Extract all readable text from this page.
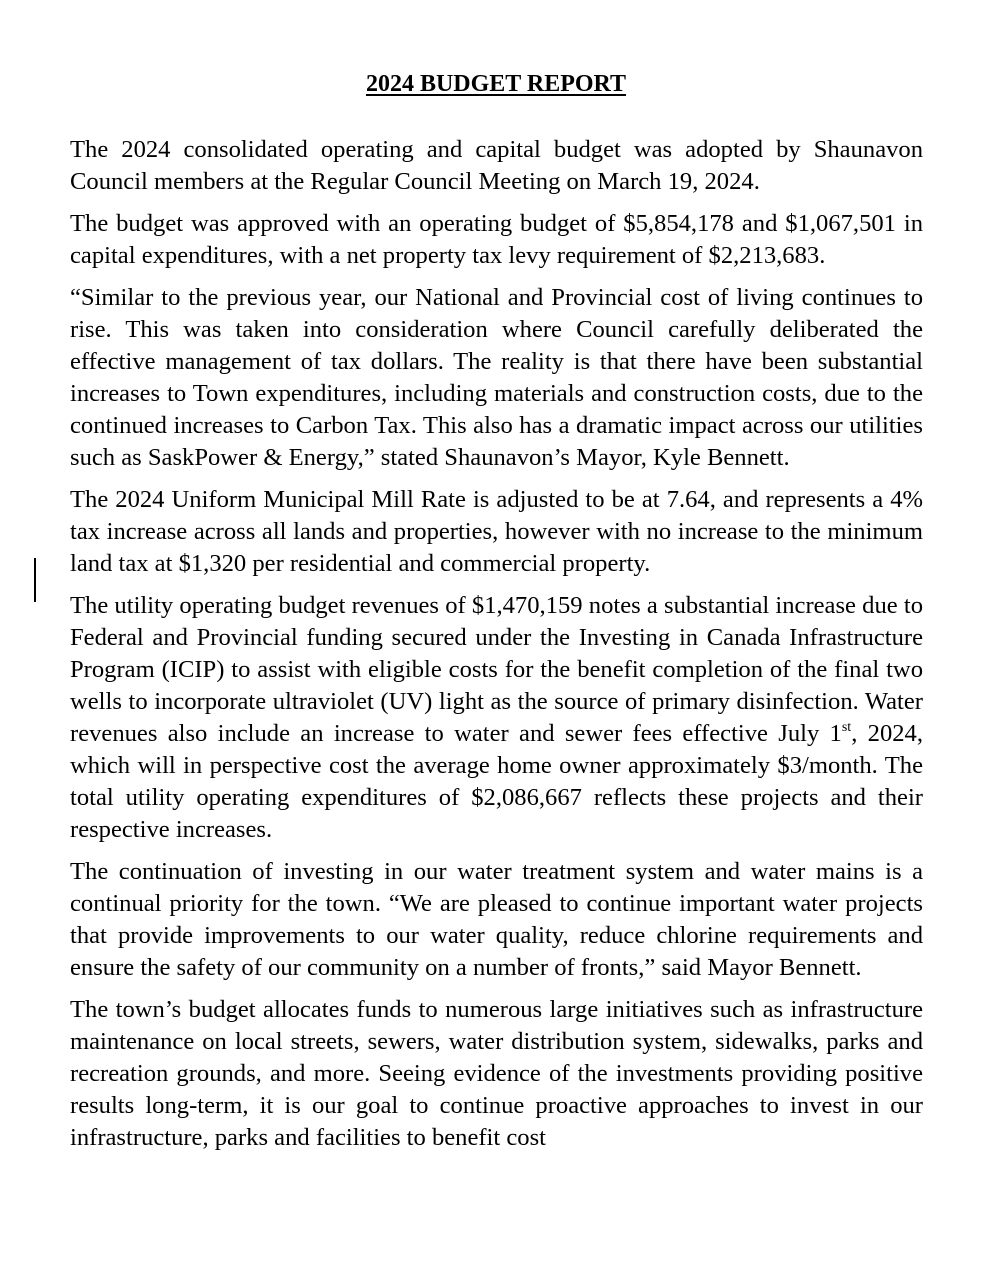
2024 BUDGET REPORT

The 2024 consolidated operating and capital budget was adopted by Shaunavon Council members at the Regular Council Meeting on March 19, 2024.

The budget was approved with an operating budget of $5,854,178 and $1,067,501 in capital expenditures, with a net property tax levy requirement of $2,213,683.

“Similar to the previous year, our National and Provincial cost of living continues to rise. This was taken into consideration where Council carefully deliberated the effective management of tax dollars. The reality is that there have been substantial increases to Town expenditures, including materials and construction costs, due to the continued increases to Carbon Tax. This also has a dramatic impact across our utilities such as SaskPower & Energy,” stated Shaunavon’s Mayor, Kyle Bennett.

The 2024 Uniform Municipal Mill Rate is adjusted to be at 7.64, and represents a 4% tax increase across all lands and properties, however with no increase to the minimum land tax at $1,320 per residential and commercial property.

The utility operating budget revenues of $1,470,159 notes a substantial increase due to Federal and Provincial funding secured under the Investing in Canada Infrastructure Program (ICIP) to assist with eligible costs for the benefit completion of the final two wells to incorporate ultraviolet (UV) light as the source of primary disinfection. Water revenues also include an increase to water and sewer fees effective July 1st, 2024, which will in perspective cost the average home owner approximately $3/month. The total utility operating expenditures of $2,086,667 reflects these projects and their respective increases.

The continuation of investing in our water treatment system and water mains is a continual priority for the town. “We are pleased to continue important water projects that provide improvements to our water quality, reduce chlorine requirements and ensure the safety of our community on a number of fronts,” said Mayor Bennett.

The town’s budget allocates funds to numerous large initiatives such as infrastructure maintenance on local streets, sewers, water distribution system, sidewalks, parks and recreation grounds, and more. Seeing evidence of the investments providing positive results long-term, it is our goal to continue proactive approaches to invest in our infrastructure, parks and facilities to benefit cost
